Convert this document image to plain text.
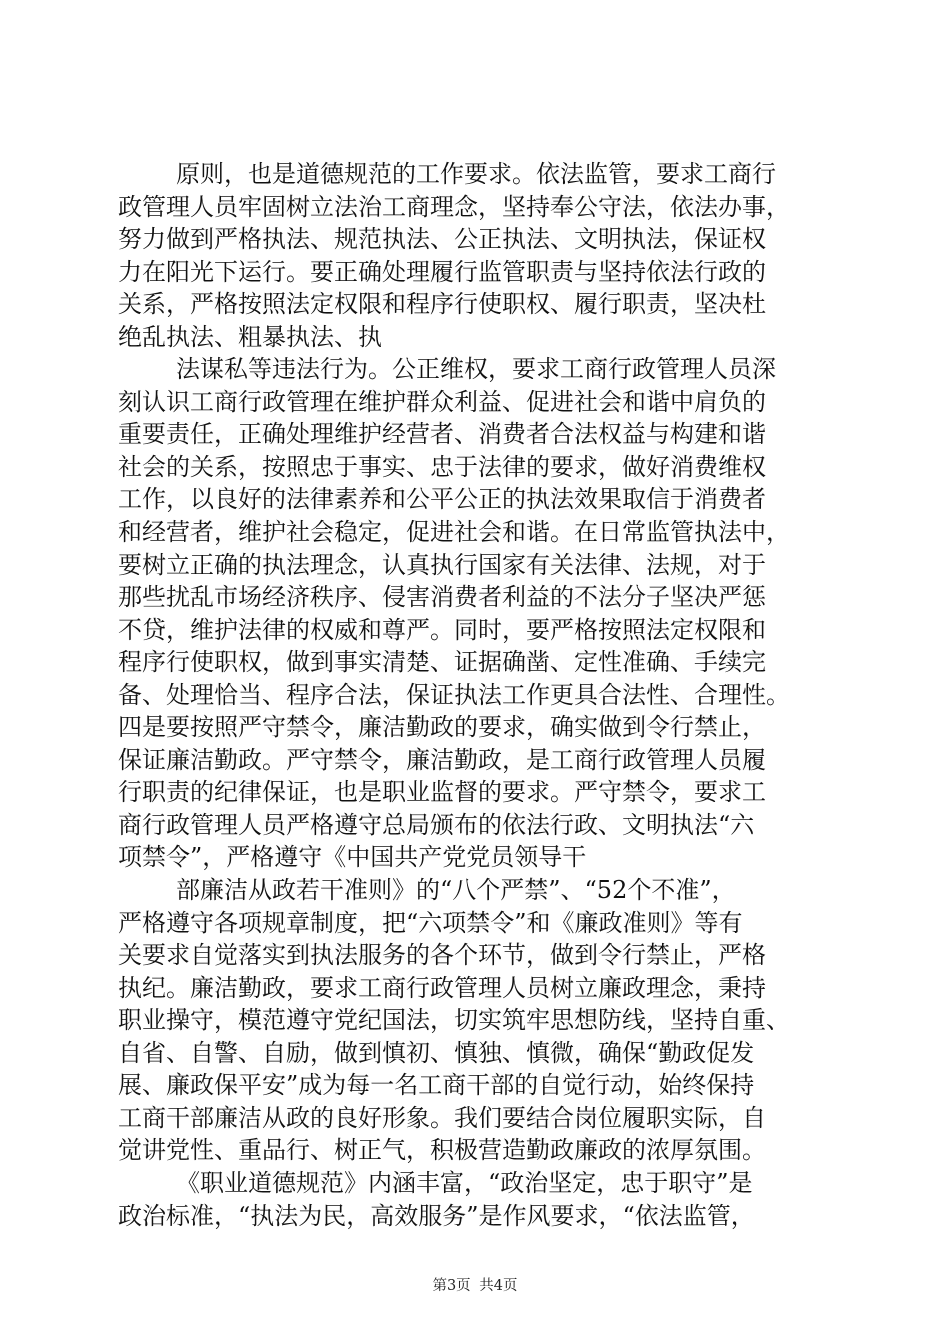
原则，也是道德规范的工作要求。依法监管，要求工商行
政管理人员牢固树立法治工商理念，坚持奉公守法，依法办事，
努力做到严格执法、规范执法、公正执法、文明执法，保证权
力在阳光下运行。要正确处理履行监管职责与坚持依法行政的
关系，严格按照法定权限和程序行使职权、履行职责，坚决杜
绝乱执法、粗暴执法、执
法谋私等违法行为。公正维权，要求工商行政管理人员深
刻认识工商行政管理在维护群众利益、促进社会和谐中肩负的
重要责任，正确处理维护经营者、消费者合法权益与构建和谐
社会的关系，按照忠于事实、忠于法律的要求，做好消费维权
工作，以良好的法律素养和公平公正的执法效果取信于消费者
和经营者，维护社会稳定，促进社会和谐。在日常监管执法中，
要树立正确的执法理念，认真执行国家有关法律、法规，对于
那些扰乱市场经济秩序、侵害消费者利益的不法分子坚决严惩
不贷，维护法律的权威和尊严。同时，要严格按照法定权限和
程序行使职权，做到事实清楚、证据确凿、定性准确、手续完
备、处理恰当、程序合法，保证执法工作更具合法性、合理性。
四是要按照严守禁令，廉洁勤政的要求，确实做到令行禁止，
保证廉洁勤政。严守禁令，廉洁勤政，是工商行政管理人员履
行职责的纪律保证，也是职业监督的要求。严守禁令，要求工
商行政管理人员严格遵守总局颁布的依法行政、文明执法“六
项禁令”，严格遵守《中国共产党党员领导干
部廉洁从政若干准则》的“八个严禁”、“52个不准”，
严格遵守各项规章制度，把“六项禁令”和《廉政准则》等有
关要求自觉落实到执法服务的各个环节，做到令行禁止，严格
执纪。廉洁勤政，要求工商行政管理人员树立廉政理念，秉持
职业操守，模范遵守党纪国法，切实筑牢思想防线，坚持自重、
自省、自警、自励，做到慎初、慎独、慎微，确保“勤政促发
展、廉政保平安”成为每一名工商干部的自觉行动，始终保持
工商干部廉洁从政的良好形象。我们要结合岗位履职实际，自
觉讲党性、重品行、树正气，积极营造勤政廉政的浓厚氛围。
《职业道德规范》内涵丰富，“政治坚定，忠于职守”是
政治标准，“执法为民，高效服务”是作风要求，“依法监管，
第3页 共4页
